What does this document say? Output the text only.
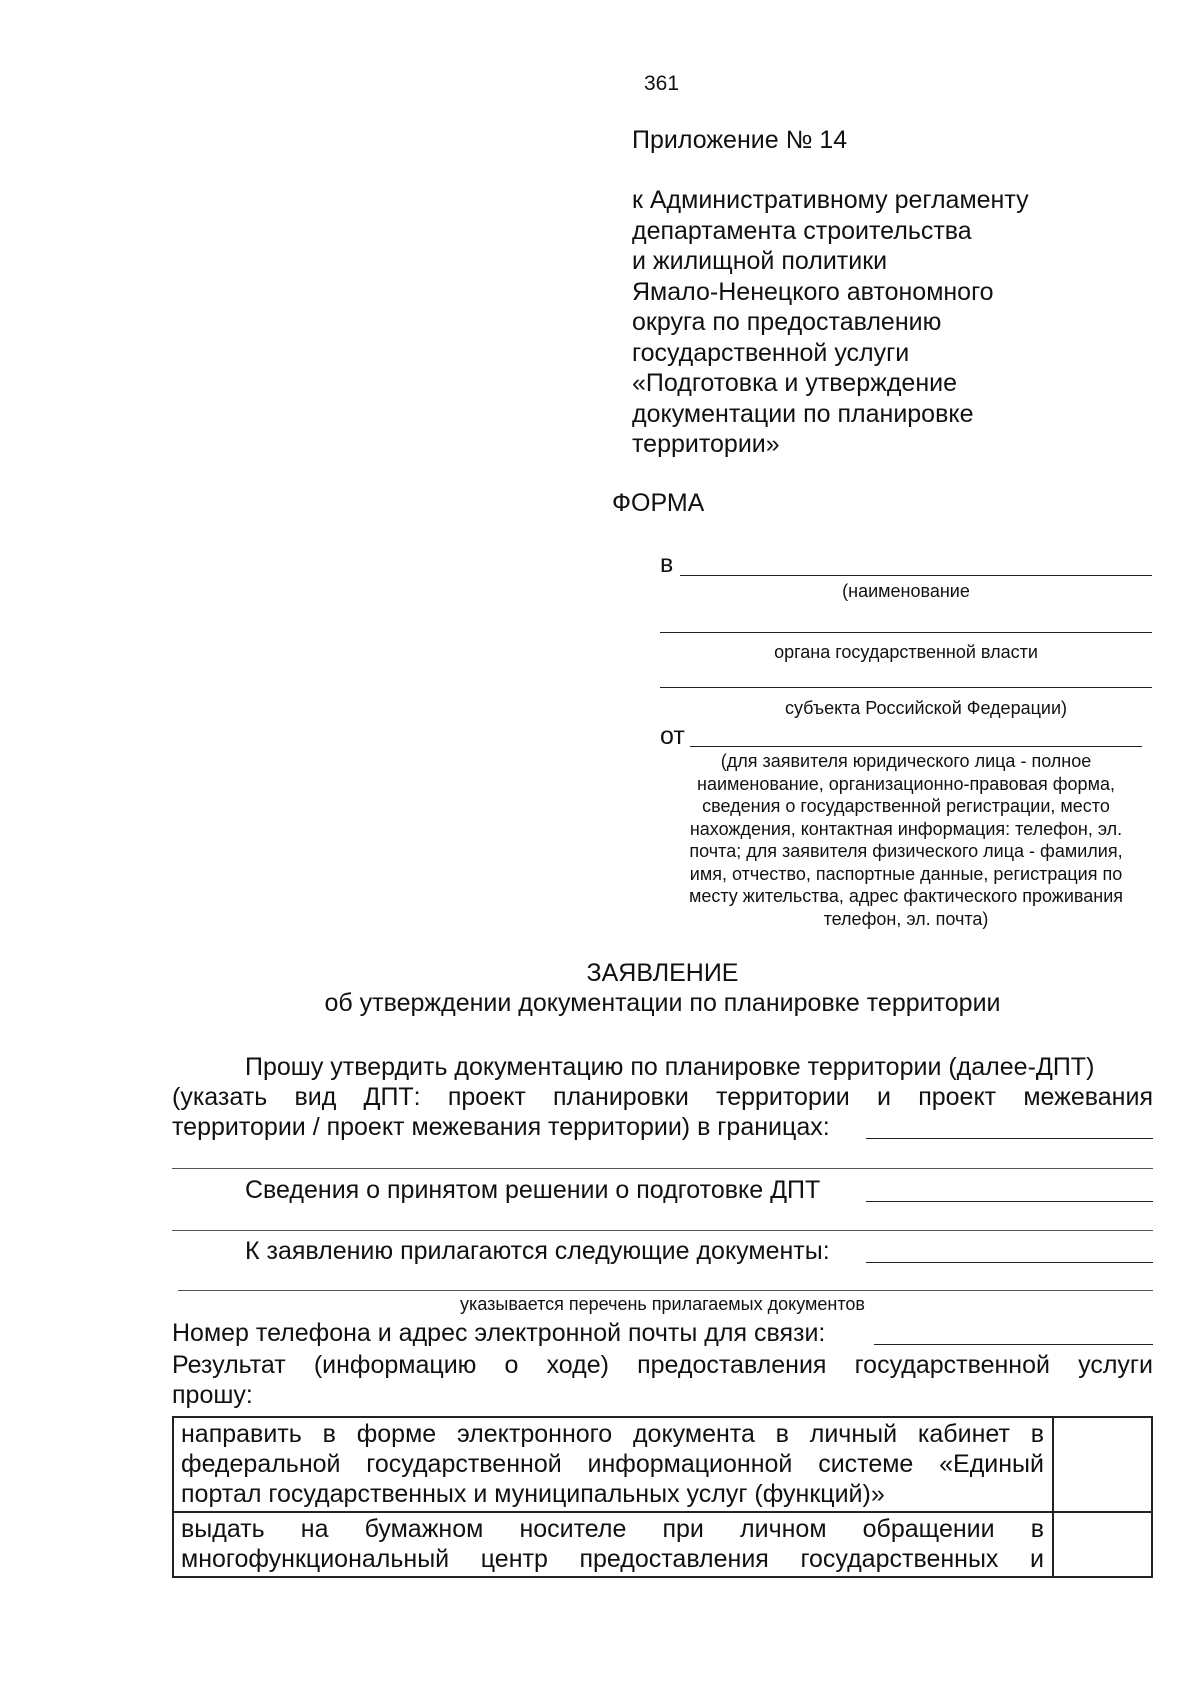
361
Приложение № 14
к Административному регламенту
департамента строительства
и жилищной политики
Ямало-Ненецкого автономного
округа по предоставлению
государственной услуги
«Подготовка и утверждение
документации по планировке
территории»
ФОРМА
в
(наименование
органа государственной власти
субъекта Российской Федерации)
от
(для заявителя юридического лица - полное
наименование, организационно-правовая форма,
сведения о государственной регистрации, место
нахождения, контактная информация: телефон, эл.
почта; для заявителя физического лица - фамилия,
имя, отчество, паспортные данные, регистрация по
месту жительства, адрес фактического проживания
телефон, эл. почта)
ЗАЯВЛЕНИЕ
об утверждении документации по планировке территории
Прошу утвердить документацию по планировке территории (далее-ДПТ)
(указать вид ДПТ: проект планировки территории и проект межевания
территории / проект межевания территории) в границах:
Сведения о принятом решении о подготовке ДПТ
К заявлению прилагаются следующие документы:
указывается перечень прилагаемых документов
Номер телефона и адрес электронной почты для связи:
Результат (информацию о ходе) предоставления государственной услуги
прошу:
направить в форме электронного документа в личный кабинет в
федеральной государственной информационной системе «Единый
портал государственных и муниципальных услуг (функций)»	

выдать на бумажном носителе при личном обращении в
многофункциональный центр предоставления государственных и	
